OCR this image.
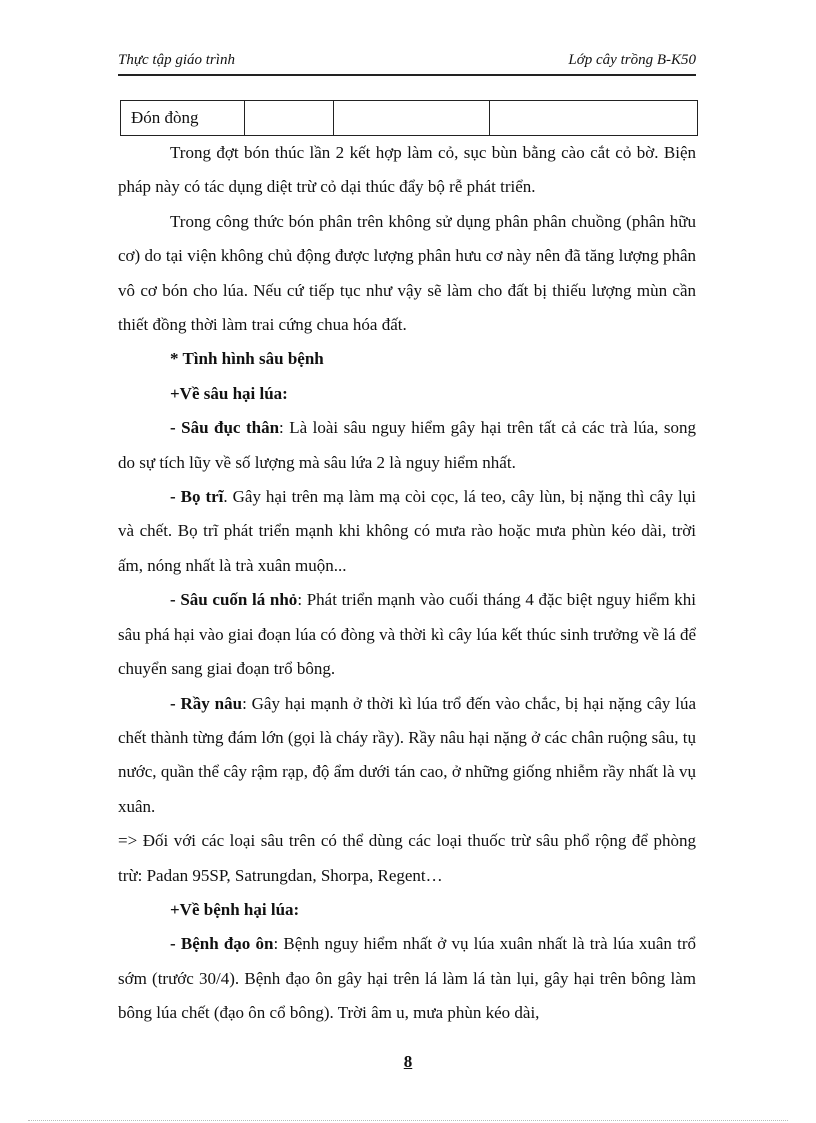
Thực tập giáo trình	Lớp cây trồng B-K50
Đón đòng			

Trong đợt bón thúc lần 2 kết hợp làm cỏ, sục bùn bằng cào cắt cỏ bờ. Biện pháp này có tác dụng diệt trừ cỏ dại thúc đẩy bộ rễ phát triển.

Trong công thức bón phân trên không sử dụng phân phân chuồng (phân hữu cơ) do tại viện không chủ động được lượng phân hưu cơ này nên đã tăng lượng phân vô cơ bón cho lúa. Nếu cứ tiếp tục như vậy sẽ làm cho đất bị thiếu lượng mùn cần thiết đồng thời làm trai cứng chua hóa đất.

* Tình hình sâu bệnh

+Về sâu hại lúa:

- Sâu đục thân: Là loài sâu nguy hiểm gây hại trên tất cả các trà lúa, song do sự tích lũy về số lượng mà sâu lứa 2 là nguy hiểm nhất.

- Bọ trĩ. Gây hại trên mạ làm mạ còi cọc, lá teo, cây lùn, bị nặng thì cây lụi và chết. Bọ trĩ phát triển mạnh khi không có mưa rào hoặc mưa phùn kéo dài, trời ấm, nóng nhất là trà xuân muộn...

- Sâu cuốn lá nhỏ: Phát triển mạnh vào cuối tháng 4 đặc biệt nguy hiểm khi sâu phá hại vào giai đoạn lúa có đòng và thời kì cây lúa kết thúc sinh trưởng về lá để chuyển sang giai đoạn trổ bông.

- Rầy nâu: Gây hại mạnh ở thời kì lúa trổ đến vào chắc, bị hại nặng cây lúa chết thành từng đám lớn (gọi là cháy rầy). Rầy nâu hại nặng ở các chân ruộng sâu, tụ nước, quần thể cây rậm rạp, độ ẩm dưới tán cao, ở những giống nhiễm rầy nhất là vụ xuân.

=> Đối với các loại sâu trên có thể dùng các loại thuốc trừ sâu phổ rộng để phòng trừ: Padan 95SP, Satrungdan, Shorpa, Regent…

+Về bệnh hại lúa:

- Bệnh đạo ôn: Bệnh nguy hiểm nhất ở vụ lúa xuân nhất là trà lúa xuân trổ sớm (trước 30/4). Bệnh đạo ôn gây hại trên lá làm lá tàn lụi, gây hại trên bông làm bông lúa chết (đạo ôn cổ bông). Trời âm u, mưa phùn kéo dài,

8
